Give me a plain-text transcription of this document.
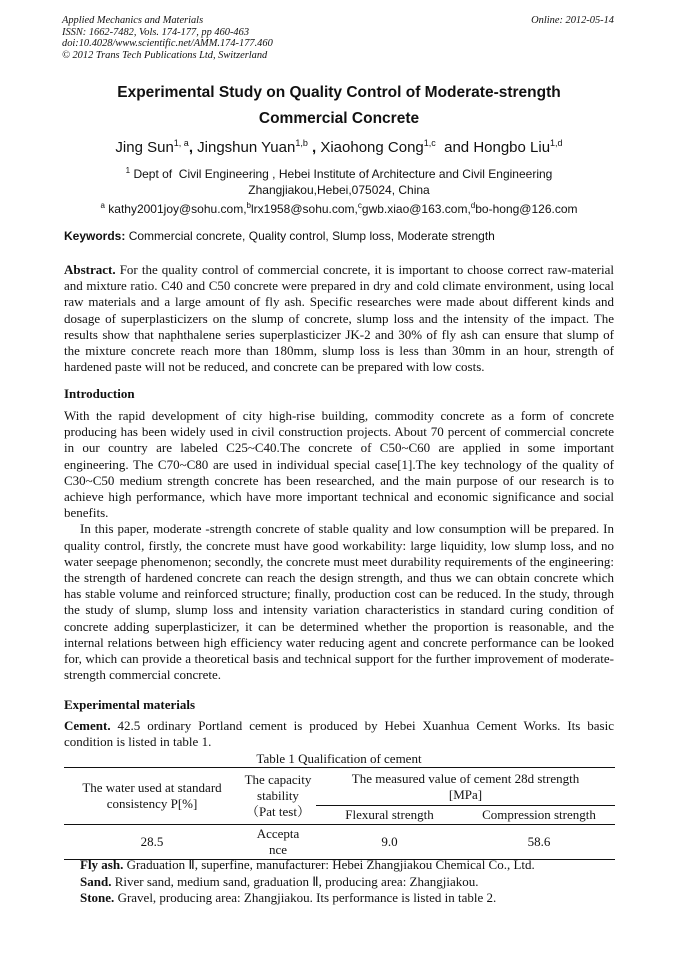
Applied Mechanics and Materials
ISSN: 1662-7482, Vols. 174-177, pp 460-463
doi:10.4028/www.scientific.net/AMM.174-177.460
© 2012 Trans Tech Publications Ltd, Switzerland
Online: 2012-05-14
Experimental Study on Quality Control of Moderate-strength
Commercial Concrete
Jing Sun$^{1, a}$, Jingshun Yuan$^{1,b}$ , Xiaohong Cong$^{1,c}$  and Hongbo Liu$^{1,d}$
$^1$ Dept of  Civil Engineering , Hebei Institute of Architecture and Civil Engineering
Zhangjiakou,Hebei,075024, China
$^a$ kathy2001joy@sohu.com,$^b$lrx1958@sohu.com,$^c$gwb.xiao@163.com,$^d$bo-hong@126.com
Keywords: Commercial concrete, Quality control, Slump loss, Moderate strength

Abstract. For the quality control of commercial concrete, it is important to choose correct raw-material and mixture ratio. C40 and C50 concrete were prepared in dry and cold climate environment, using local raw materials and a large amount of fly ash. Specific researches were made about different kinds and dosage of superplasticizers on the slump of concrete, slump loss and the intensity of the impact. The results show that naphthalene series superplasticizer JK-2 and 30% of fly ash can ensure that slump of the mixture concrete reach more than 180mm, slump loss is less than 30mm in an hour, strength of hardened paste will not be reduced, and concrete can be prepared with low costs.

Introduction

With the rapid development of city high-rise building, commodity concrete as a form of concrete producing has been widely used in civil construction projects. About 70 percent of commercial concrete in our country are labeled C25~C40.The concrete of C50~C60 are applied in some important engineering. The C70~C80 are used in individual special case[1].The key technology of the quality of C30~C50 medium strength concrete has been researched, and the main purpose of our research is to achieve high performance, which have more important technical and economic significance and social benefits.

In this paper, moderate -strength concrete of stable quality and low consumption will be prepared. In quality control, firstly, the concrete must have good workability: large liquidity, low slump loss, and no water seepage phenomenon; secondly, the concrete must meet durability requirements of the engineering: the strength of hardened concrete can reach the design strength, and thus we can obtain concrete which has stable volume and reinforced structure; finally, production cost can be reduced. In the study, through the study of slump, slump loss and intensity variation characteristics in standard curing condition of concrete adding superplasticizer, it can be determined whether the proportion is reasonable, and the internal relations between high efficiency water reducing agent and concrete performance can be looked for, which can provide a theoretical basis and technical support for the further improvement of moderate-strength commercial concrete.

Experimental materials

Cement. 42.5 ordinary Portland cement is produced by Hebei Xuanhua Cement Works. Its basic condition is listed in table 1.

Table 1 Qualification of cement
The water used at standard consistency P[%]	The capacity stability
（Pat test）	The measured value of cement 28d strength [MPa]	
		Flexural strength	Compression strength
28.5	Acceptance	9.0	58.6

Fly ash. Graduation Ⅱ, superfine, manufacturer: Hebei Zhangjiakou Chemical Co., Ltd.

Sand. River sand, medium sand, graduation Ⅱ, producing area: Zhangjiakou.

Stone. Gravel, producing area: Zhangjiakou. Its performance is listed in table 2.
